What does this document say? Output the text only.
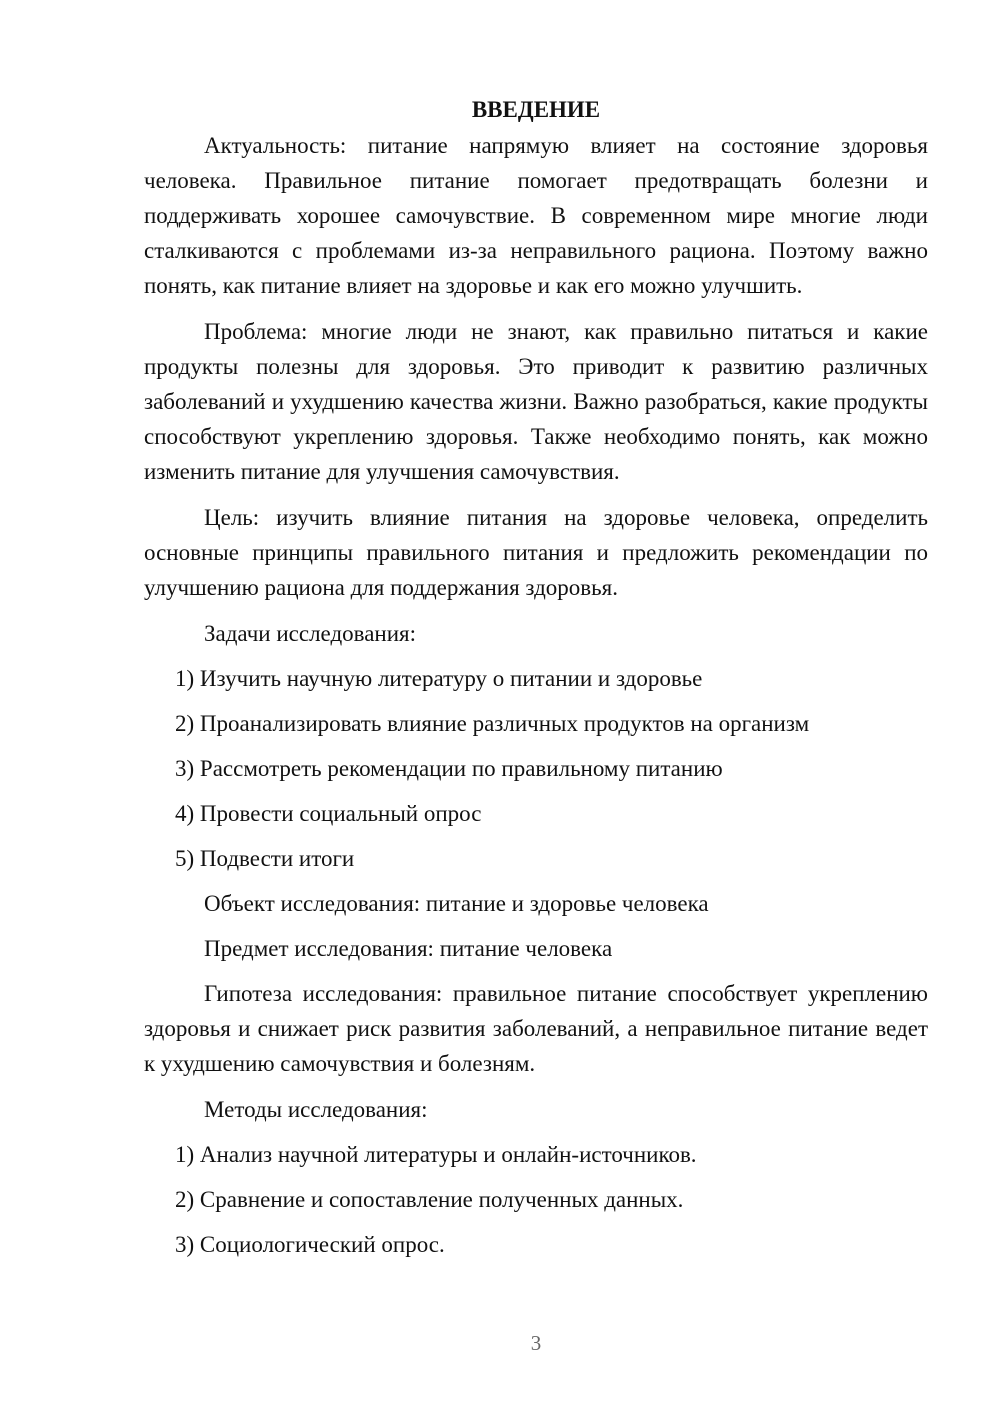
ВВЕДЕНИЕ

Актуальность: питание напрямую влияет на состояние здоровья человека. Правильное питание помогает предотвращать болезни и поддерживать хорошее самочувствие. В современном мире многие люди сталкиваются с проблемами из-за неправильного рациона. Поэтому важно понять, как питание влияет на здоровье и как его можно улучшить.

Проблема: многие люди не знают, как правильно питаться и какие продукты полезны для здоровья. Это приводит к развитию различных заболеваний и ухудшению качества жизни. Важно разобраться, какие продукты способствуют укреплению здоровья. Также необходимо понять, как можно изменить питание для улучшения самочувствия.

Цель: изучить влияние питания на здоровье человека, определить основные принципы правильного питания и предложить рекомендации по улучшению рациона для поддержания здоровья.

Задачи исследования:
1) Изучить научную литературу о питании и здоровье
2) Проанализировать влияние различных продуктов на организм
3) Рассмотреть рекомендации по правильному питанию
4) Провести социальный опрос
5) Подвести итоги
Объект исследования: питание и здоровье человека
Предмет исследования: питание человека

Гипотеза исследования: правильное питание способствует укреплению здоровья и снижает риск развития заболеваний, а неправильное питание ведет к ухудшению самочувствия и болезням.

Методы исследования:
1) Анализ научной литературы и онлайн-источников.
2) Сравнение и сопоставление полученных данных.
3) Социологический опрос.
3
